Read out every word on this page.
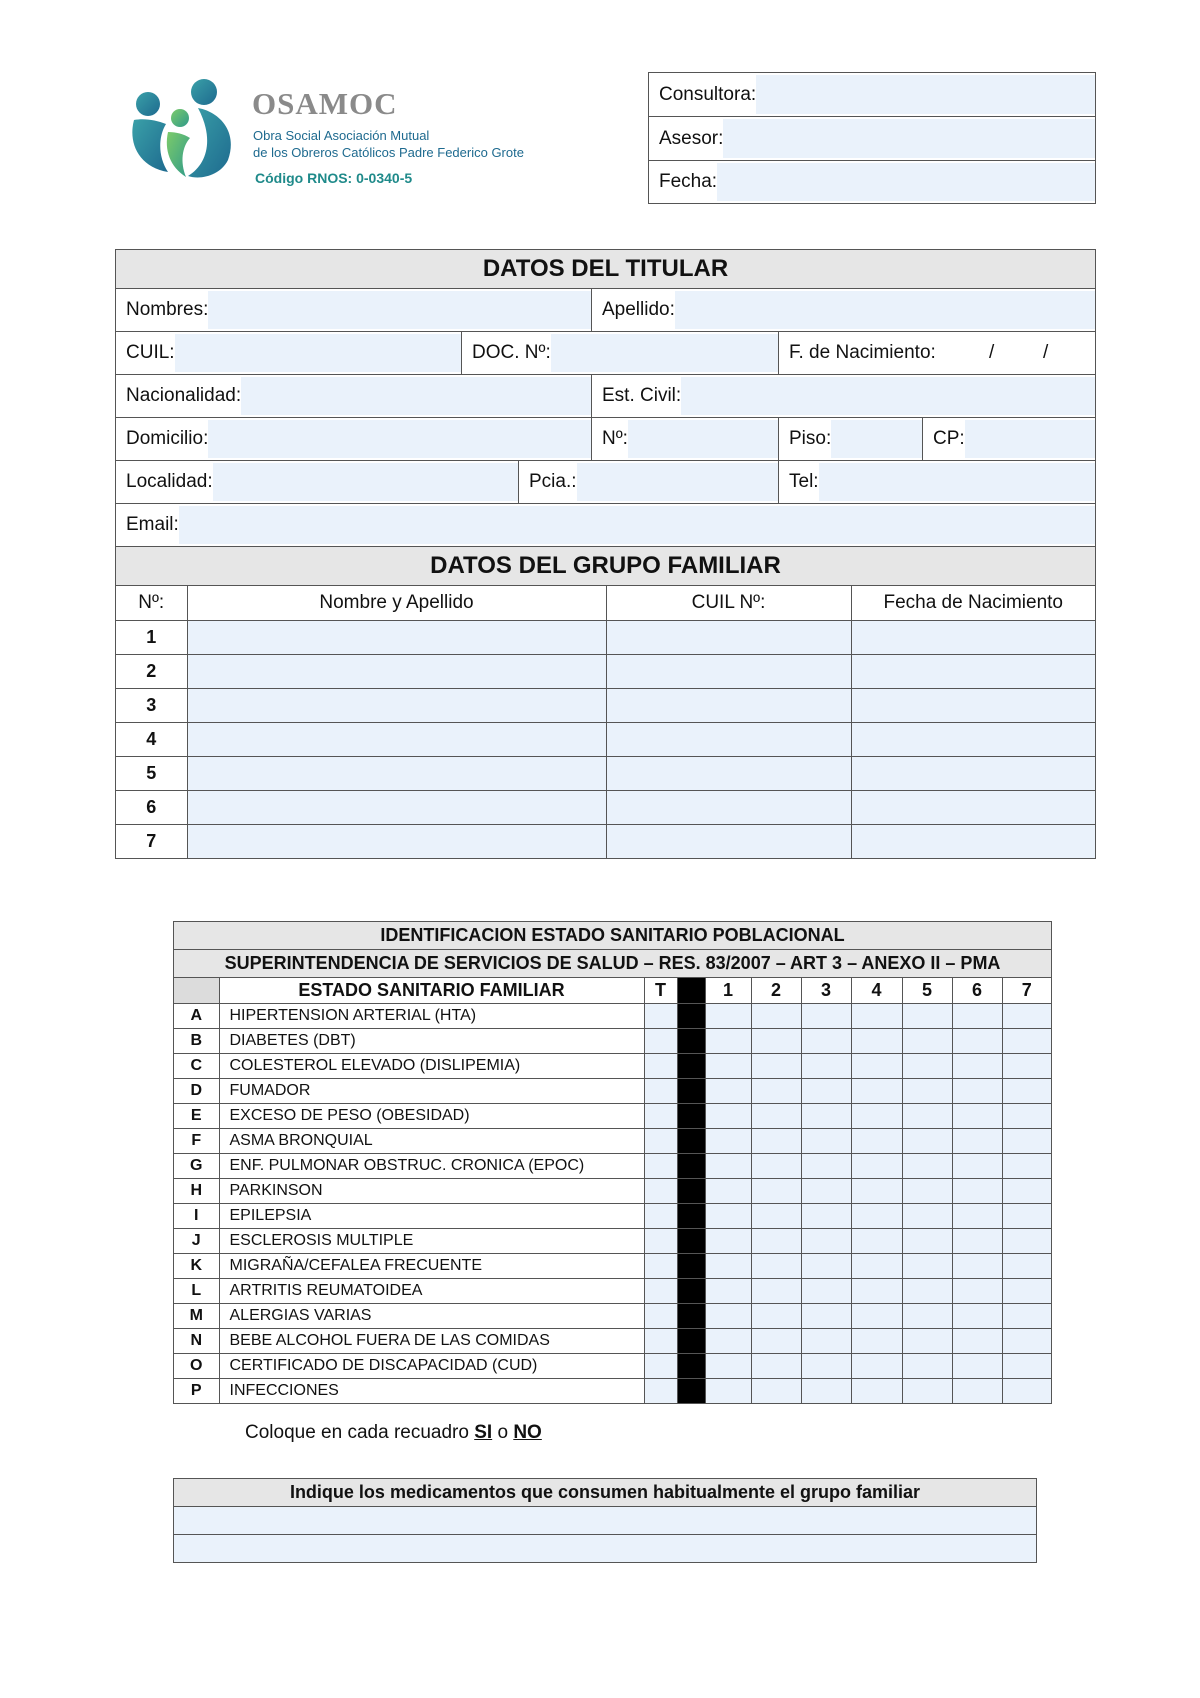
OSAMOC
Obra Social Asociación Mutual
de los Obreros Católicos Padre Federico Grote
Código RNOS: 0-0340-5
Consultora:
Asesor:
Fecha:
DATOS DEL TITULAR
Nombres:	Apellido:
CUIL:	DOC. Nº:	F. de Nacimiento:	/	/
Nacionalidad:	Est. Civil:
Domicilio:	Nº:	Piso:	CP:
Localidad:	Pcia.:	Tel:
Email:
DATOS DEL GRUPO FAMILIAR
Nº:	Nombre y Apellido	CUIL Nº:	Fecha de Nacimiento
1			
2			
3			
4			
5			
6			
7			
IDENTIFICACION ESTADO SANITARIO POBLACIONAL
SUPERINTENDENCIA DE SERVICIOS DE SALUD – RES. 83/2007 – ART 3 – ANEXO II – PMA
	ESTADO SANITARIO FAMILIAR	T		1	2	3	4	5	6	7
A	HIPERTENSION ARTERIAL (HTA)									
B	DIABETES (DBT)									
C	COLESTEROL ELEVADO (DISLIPEMIA)									
D	FUMADOR									
E	EXCESO DE PESO (OBESIDAD)									
F	ASMA BRONQUIAL									
G	ENF. PULMONAR OBSTRUC. CRONICA (EPOC)									
H	PARKINSON									
I	EPILEPSIA									
J	ESCLEROSIS MULTIPLE									
K	MIGRAÑA/CEFALEA FRECUENTE									
L	ARTRITIS REUMATOIDEA									
M	ALERGIAS VARIAS									
N	BEBE ALCOHOL FUERA DE LAS COMIDAS									
O	CERTIFICADO DE DISCAPACIDAD (CUD)									
P	INFECCIONES									
Coloque en cada recuadro SI o NO
Indique los medicamentos que consumen habitualmente el grupo familiar
